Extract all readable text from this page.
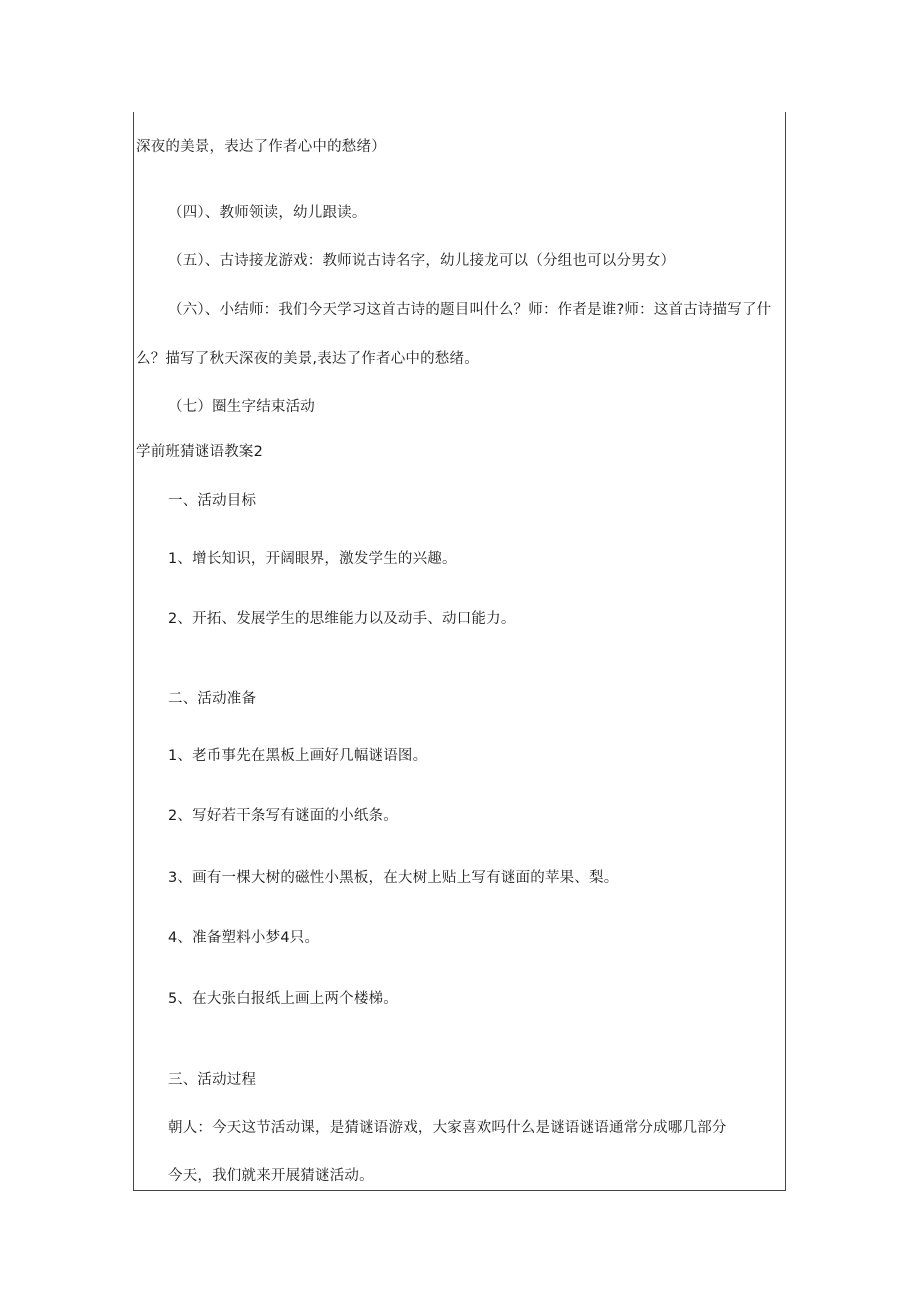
深夜的美景，表达了作者心中的愁绪）
（四）、教师领读，幼儿跟读。
（五）、古诗接龙游戏：教师说古诗名字，幼儿接龙可以（分组也可以分男女）
（六）、小结师：我们今天学习这首古诗的题目叫什么？师：作者是谁?师：这首古诗描写了什
么？描写了秋天深夜的美景,表达了作者心中的愁绪。
（七）圈生字结束活动
学前班猜谜语教案2
一、活动目标
1、增长知识，开阔眼界，激发学生的兴趣。
2、开拓、发展学生的思维能力以及动手、动口能力。
二、活动准备
1、老币事先在黑板上画好几幅谜语图。
2、写好若干条写有谜面的小纸条。
3、画有一棵大树的磁性小黑板，在大树上贴上写有谜面的苹果、梨。
4、准备塑料小梦4只。
5、在大张白报纸上画上两个楼梯。
三、活动过程
朝人：今天这节活动课，是猜谜语游戏，大家喜欢吗什么是谜语谜语通常分成哪几部分
今天，我们就来开展猜谜活动。
